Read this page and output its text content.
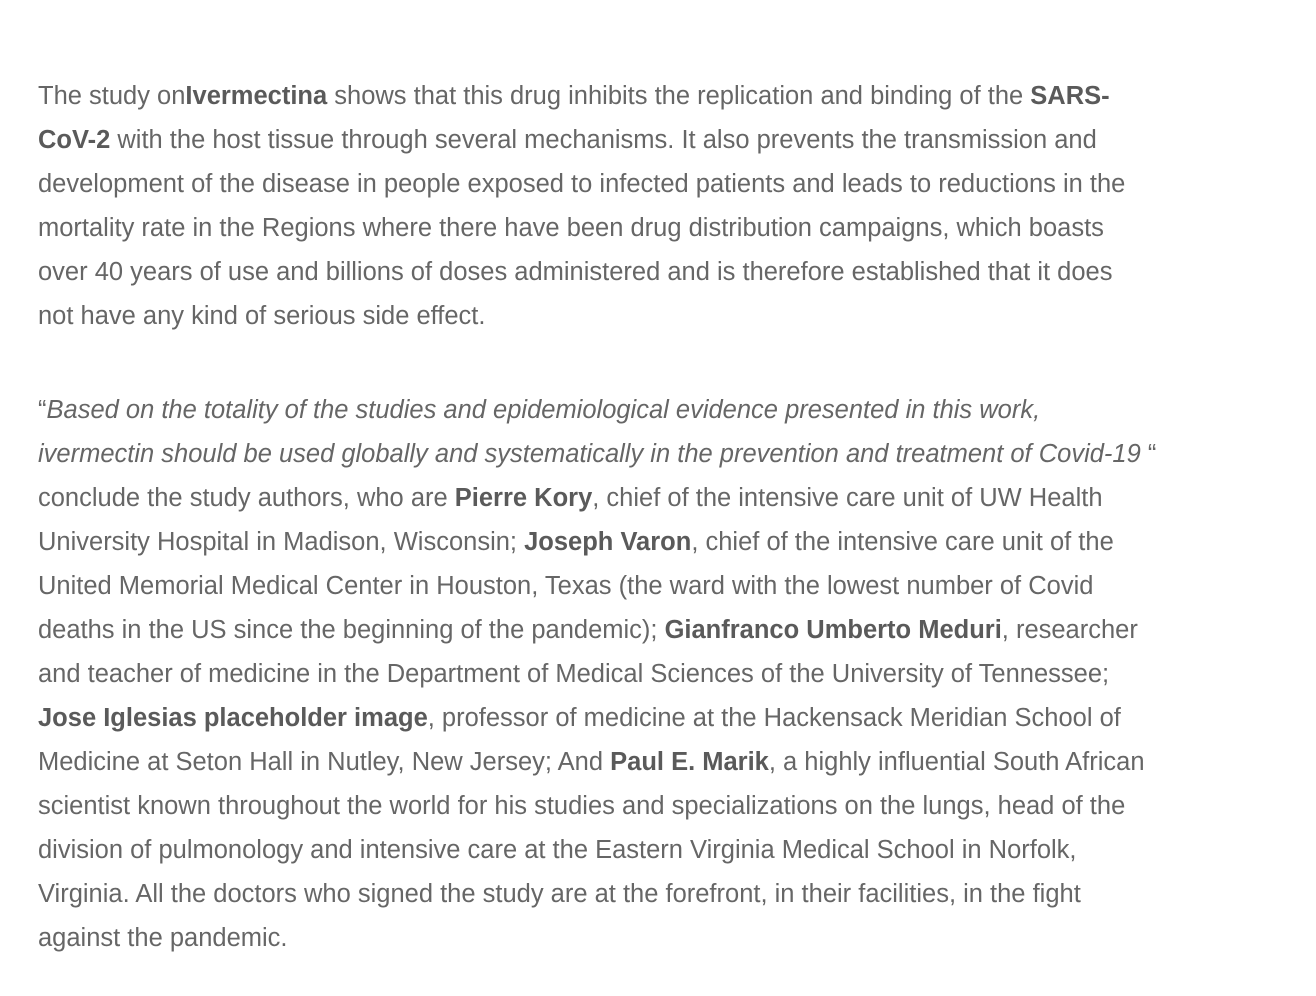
The study onIvermectina shows that this drug inhibits the replication and binding of the SARS-
CoV-2 with the host tissue through several mechanisms. It also prevents the transmission and
development of the disease in people exposed to infected patients and leads to reductions in the
mortality rate in the Regions where there have been drug distribution campaigns, which boasts
over 40 years of use and billions of doses administered and is therefore established that it does
not have any kind of serious side effect.

“Based on the totality of the studies and epidemiological evidence presented in this work,
ivermectin should be used globally and systematically in the prevention and treatment of Covid-19 “
conclude the study authors, who are Pierre Kory, chief of the intensive care unit of UW Health
University Hospital in Madison, Wisconsin; Joseph Varon, chief of the intensive care unit of the
United Memorial Medical Center in Houston, Texas (the ward with the lowest number of Covid
deaths in the US since the beginning of the pandemic); Gianfranco Umberto Meduri, researcher
and teacher of medicine in the Department of Medical Sciences of the University of Tennessee;
Jose Iglesias placeholder image, professor of medicine at the Hackensack Meridian School of
Medicine at Seton Hall in Nutley, New Jersey; And Paul E. Marik, a highly influential South African
scientist known throughout the world for his studies and specializations on the lungs, head of the
division of pulmonology and intensive care at the Eastern Virginia Medical School in Norfolk,
Virginia. All the doctors who signed the study are at the forefront, in their facilities, in the fight
against the pandemic.
